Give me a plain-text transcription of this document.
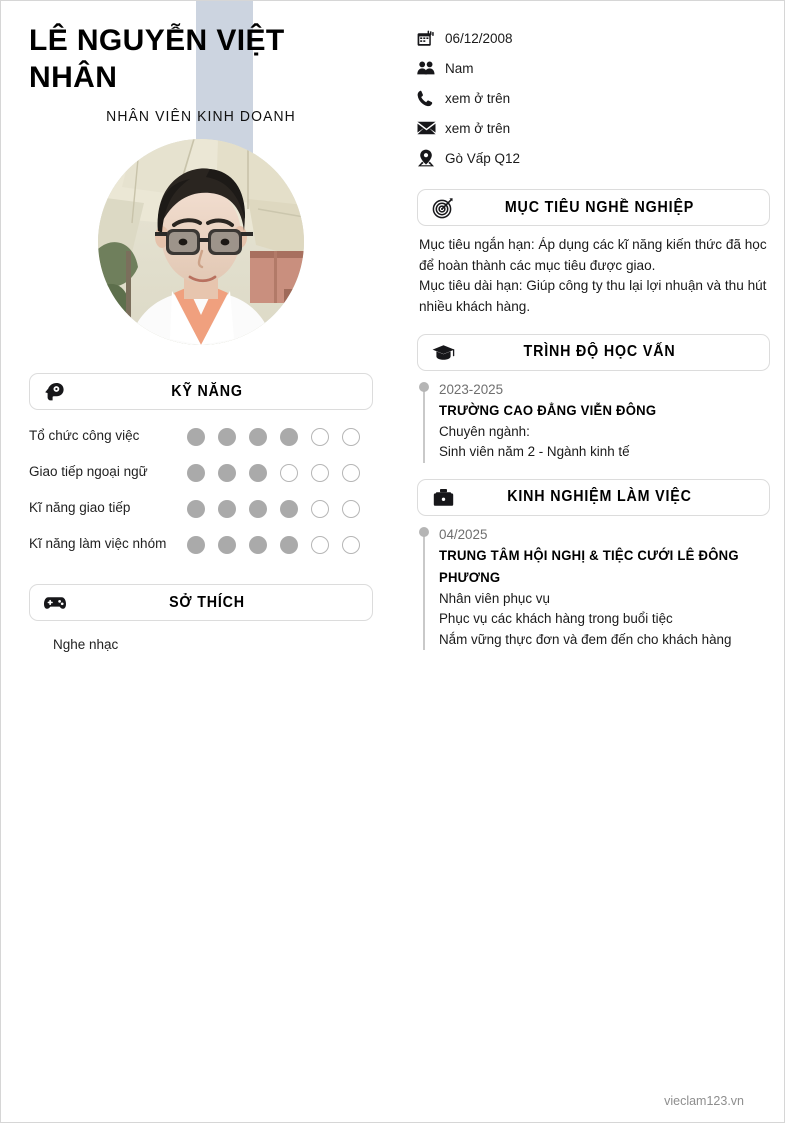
LÊ NGUYỄN VIỆT NHÂN
NHÂN VIÊN KINH DOANH
KỸ NĂNG
Tổ chức công việc
Giao tiếp ngoại ngữ
Kĩ năng giao tiếp
Kĩ năng làm việc nhóm
SỞ THÍCH
Nghe nhạc
06/12/2008
Nam
xem ở trên
xem ở trên
Gò Vấp Q12
MỤC TIÊU NGHỀ NGHIỆP

Mục tiêu ngắn hạn: Áp dụng các kĩ năng kiến thức đã học để hoàn thành các mục tiêu được giao.

Mục tiêu dài hạn: Giúp công ty thu lại lợi nhuận và thu hút nhiều khách hàng.

TRÌNH ĐỘ HỌC VẤN
2023-2025
TRƯỜNG CAO ĐẲNG VIỄN ĐÔNG
Chuyên ngành:
Sinh viên năm 2 - Ngành kinh tế
KINH NGHIỆM LÀM VIỆC
04/2025
TRUNG TÂM HỘI NGHỊ & TIỆC CƯỚI LÊ ĐÔNG PHƯƠNG
Nhân viên phục vụ
Phục vụ các khách hàng trong buổi tiệc
Nắm vững thực đơn và đem đến cho khách hàng
vieclam123.vn
